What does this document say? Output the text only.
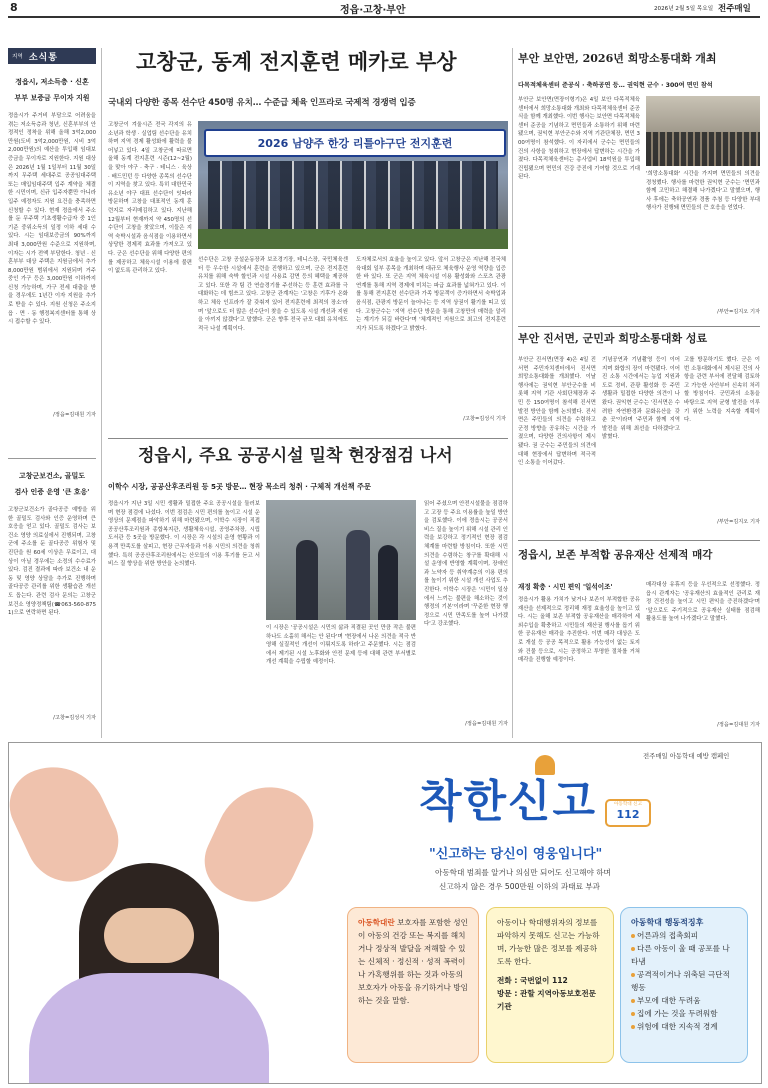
8	정읍·고창·부안	2026년 2월 5일 목요일 전주매일
지역 소식통
정읍시, 저소득층 · 신혼
부부 보증금 무이자 지원
정읍시가 주거비 부담으로 어려움을 겪는 저소득층과 청년, 신혼부부의 안정적인 정착을 위해 올해 3억2,000만원(도비 3억2,000만원, 시비 3억2,000만원)의 예산을 투입해 임대보증금을 무이자로 지원한다. 지원 대상은 2026년 1월 1일부터 11월 30일까지 무주택 세대주로 공공임대주택 또는 매입임대주택 입주 계약을 체결한 시민이며, 신규 입주자뿐만 아니라 입주 예정자도 지원 요건을 충족하면 신청할 수 있다. 현재 정읍에서 주소를 둔 무주택 기초생활수급자 중 1인 기준 중위소득의 일정 이하 세대 수 있다. 시는 임대보증금의 90%까지 최대 3,000만원 수준으로 지원하며, 이자는 시가 전액 부담한다. 청년 · 신혼부부 대상 주택은 지원금에서 추가 8,000만원 범위에서 지원되며 거주 중인 가구 등은 3,000만원 이하까지 신청 가능하며, 가구 전세 대출을 받을 경우에도 1년간 이자 지원을 추가로 받을 수 있다. 지원 신청은 주소지 읍 · 면 · 동 행정복지센터를 통해 상시 접수할 수 있다.
/정읍=김대원 기자
고창군보건소, 골밀도
검사 인증 운영 '큰 호응'
고창군보건소가 골다공증 예방을 위한 골밀도 검사와 인증 운영하며 큰 호응을 얻고 있다. 골밀도 검사는 보건소 영양 의료실에서 진행되며, 고창군에 주소를 둔 골다공증 위험자 및 진단을 원 60세 이상은 무료이고, 대상이 아닐 경우에는 소정의 수수료가 있다. 검진 결과에 따라 보건소 내 운동 및 영양 상담을 추가로 진행하며 골다공증 관리를 위한 생활습관 개선도 돕는다. 관련 검사 문의는 고창군보건소 영양정책팀(☎063-560-8751)으로 연락하면 된다.
/고창=김성식 기자
고창군, 동계 전지훈련 메카로 부상
국내외 다양한 종목 선수단 450명 유치… 수준급 체육 인프라로 국제적 경쟁력 입증
2026 남양주 한강 리틀야구단 전지훈련
고창군이 겨울시즌 전국 각지의 유소년과 학생 · 실업팀 선수단을 유치하며 지역 경제 활성화에 활력을 불어넣고 있다. 4일 고창군에 따르면 올해 동계 전지훈련 시즌(12~2월)을 맞아 야구 · 축구 · 테니스 · 육상 · 배드민턴 등 다양한 종목의 선수단이 지역을 찾고 있다. 특히 대한민국 유소년 야구 대표 선수단이 잇따라 방문하며 고창을 대표적인 동계 훈련지로 자리매김하고 있다. 지난해 12월부터 현재까지 약 450명의 선수단이 고창을 찾았으며, 이들은 지역 숙박시설과 음식점을 이용하면서 상당한 경제적 효과를 가져오고 있다. 군은 선수단을 위해 다양한 편의를 제공하고 체육시설 이용에 불편이 없도록 관리하고 있다.
선수단은 고창 공설운동장과 보조경기장, 테니스장, 국민체육센터 등 우수한 시설에서 훈련을 진행하고 있으며, 군은 전지훈련 유치를 위해 숙박 할인과 시설 사용료 감면 등의 혜택을 제공하고 있다. 또한 각 팀 간 연습경기를 주선하는 등 훈련 효과를 극대화하는 데 힘쓰고 있다. 고창군 관계자는 '고창은 기후가 온화하고 체육 인프라가 잘 갖춰져 있어 전지훈련에 최적의 장소'라며 '앞으로도 더 많은 선수단이 찾을 수 있도록 시설 개선과 지원을 아끼지 않겠다'고 말했다. 군은 향후 전국 규모 대회 유치에도 적극 나설 계획이다.
도자체로서의 효율을 높이고 있다. 앞서 고창군은 지난해 전국체육대회 일부 종목을 개최하며 대규모 체육행사 운영 역량을 입증한 바 있다. 또 군은 지역 체육시설 이용 활성화와 스포츠 관광 연계를 통해 지역 경제에 미치는 파급 효과를 넓혀가고 있다. 이를 통해 전지훈련 선수단과 가족 방문객이 증가하면서 숙박업과 음식점, 관광지 방문이 늘어나는 등 지역 상권이 활기를 띠고 있다. 고창군수는 '지역 선수단 방문을 통해 고창만의 매력을 알리는 계기가 되길 바란다'며 '체계적인 지원으로 최고의 전지훈련지가 되도록 하겠다'고 밝혔다.
/고창=김성식 기자
정읍시, 주요 공공시설 밀착 현장점검 나서
이학수 시장, 공공산후조리원 등 5곳 방문… 현장 목소리 청취 · 구체적 개선책 주문
정읍시가 지난 3일 시민 생활과 밀접한 주요 공공시설을 둘러보며 현장 점검에 나섰다. 이번 점검은 시민 편의를 높이고 시설 운영상의 문제점을 파악하기 위해 마련됐으며, 이학수 시장이 직접 공공산후조리원과 종합복지관, 생활체육시설, 공영주차장, 시립도서관 등 5곳을 방문했다. 이 시장은 각 시설의 운영 현황과 이용객 만족도를 살피고, 현장 근무자들과 이용 시민의 의견을 청취했다. 특히 공공산후조리원에서는 산모들의 이용 후기를 듣고 서비스 질 향상을 위한 방안을 논의했다.
이 시장은 '공공시설은 시민의 삶과 직결된 곳인 만큼 작은 불편 하나도 소홀히 해서는 안 된다'며 '현장에서 나온 의견을 적극 반영해 실질적인 개선이 이뤄지도록 하라'고 주문했다. 시는 점검에서 제기된 시설 노후화와 안전 문제 등에 대해 관련 부서별로 개선 계획을 수립할 예정이다.
읽어 주셨으며 안전시설물을 점검하고 고장 등 주요 이용률을 높일 방안을 검토했다. 이에 정읍시는 공공서비스 질을 높이기 위해 시설 관리 인력을 보강하고 정기적인 현장 점검 체계를 마련할 방침이다. 또한 시민 의견을 수렴하는 창구를 확대해 시설 운영에 반영할 계획이며, 장애인과 노약자 등 취약계층의 이용 편의를 높이기 위한 시설 개선 사업도 추진한다. 이학수 시장은 '시민이 일상에서 느끼는 불편을 해소하는 것이 행정의 기본'이라며 '꾸준한 현장 행정으로 시민 만족도를 높여 나가겠다'고 강조했다.
/정읍=김대원 기자
부안 보안면, 2026년 희망소통대화 개최
다목적체육센터 준공식 · 축하공연 등… 권익현 군수 · 300여 면민 참석
부안군 보안면(면장이형기)은 4일 보안 다목적체육센터에서 희망소통대화 개최와 다목적체육센터 준공식을 함께 개최했다. 이번 행사는 보안면 다목적체육센터 준공을 기념하고 면민들과 소통하기 위해 마련됐으며, 권익현 부안군수와 지역 기관단체장, 면민 300여명이 참석했다. 이 자리에서 군수는 면민들의 건의 사항을 청취하고 현장에서 답변하는 시간을 가졌다. 다목적체육센터는 총사업비 18억원을 투입해 건립됐으며 면민의 건강 증진에 기여할 것으로 기대된다.
'희망소통대화' 시간을 가지며 면민들의 의견을 경청했다. 행사를 마련한 권익현 군수는 '면민과 함께 고민하고 해결해 나가겠다'고 말했으며, 행사 후에는 축하공연과 경품 추첨 등 다양한 부대행사가 진행돼 면민들의 큰 호응을 얻었다.
/부안=김지오 기자
부안 진서면, 군민과 희망소통대화 성료
부안군 진서면(면장 4)은 4일 진서면 주민자치센터에서 진서면 희망소통대화를 개최했다. 이날 행사에는 권익현 부안군수를 비롯해 지역 기관 사회단체장과 주민 등 150여명이 참석해 진서면 발전 방안을 함께 논의했다. 진서면은 주민들의 의견을 수렴하고 군정 방향을 공유하는 시간을 가졌으며, 다양한 건의사항이 제시됐다. 권 군수는 주민들의 의견에 대해 현장에서 답변하며 적극적인 소통을 이어갔다.
기념공연과 기념촬영 등이 이어지며 화합의 장이 마련됐다. 이어진 소통 시간에서는 농업 지원과 도로 정비, 관광 활성화 등 주민 생활과 밀접한 다양한 의견이 나왔다. 권익현 군수는 '진서면은 수려한 자연환경과 문화유산을 갖춘 곳'이라며 '주민과 함께 지역 발전을 위해 최선을 다하겠다'고 밝혔다.
고를 방문하기도 했다. 군은 이번 소통대화에서 제시된 건의 사항을 관련 부서에 전달해 검토하고 가능한 사안부터 신속히 처리할 방침이다. 군민과의 소통을 바탕으로 지역 균형 발전을 이루기 위한 노력을 지속할 계획이다.
/부안=김지오 기자
정읍시, 보존 부적합 공유재산 선제적 매각
재정 확충 · 시민 편익 '일석이조'
정읍시가 활용 가치가 낮거나 보존이 부적합한 공유재산을 선제적으로 정리해 재정 효율성을 높이고 있다. 시는 올해 보존 부적합 공유재산을 매각하여 세외수입을 확충하고 시민들의 재산권 행사를 돕기 위한 공유재산 매각을 추진한다. 이번 매각 대상은 도로 개설 등 공공 목적으로 활용 가능성이 없는 토지와 건물 등으로, 시는 공정하고 투명한 절차를 거쳐 매각을 진행할 예정이다.
매각대상 유휴지 등을 우선적으로 선정했다. 정읍시 관계자는 '공유재산의 효율적인 관리로 재정 건전성을 높이고 시민 편익을 증진하겠다'며 '앞으로도 주기적으로 공유재산 실태를 점검해 활용도를 높여 나가겠다'고 말했다.
/정읍=김대원 기자
전주매일 아동학대 예방 캠페인
착한신고	아동학대 신고
112
"신고하는 당신이 영웅입니다"
아동학대 범죄를 알거나 의심만 되어도 신고해야 하며
신고하지 않은 경우 500만원 이하의 과태료 부과
아동학대란 보호자를 포함한 성인이 아동의 건강 또는 복지를 해치거나 정상적 발달을 저해할 수 있는 신체적 · 정신적 · 성적 폭력이나 가혹행위를 하는 것과 아동의 보호자가 아동을 유기하거나 방임하는 것을 말함.
아동이나 학대행위자의 정보를 파악하지 못해도 신고는 가능하며, 가능한 많은 정보를 제공하도록 한다.
전화 : 국번없이 112
방문 : 관할 지역아동보호전문기관
아동학대 행동적징후
어른과의 접촉회피
다른 아동이 울 때 공포를 나타냄
공격적이거나 위축된 극단적 행동
부모에 대한 두려움
집에 가는 것을 두려워함
위험에 대한 지속적 경계
